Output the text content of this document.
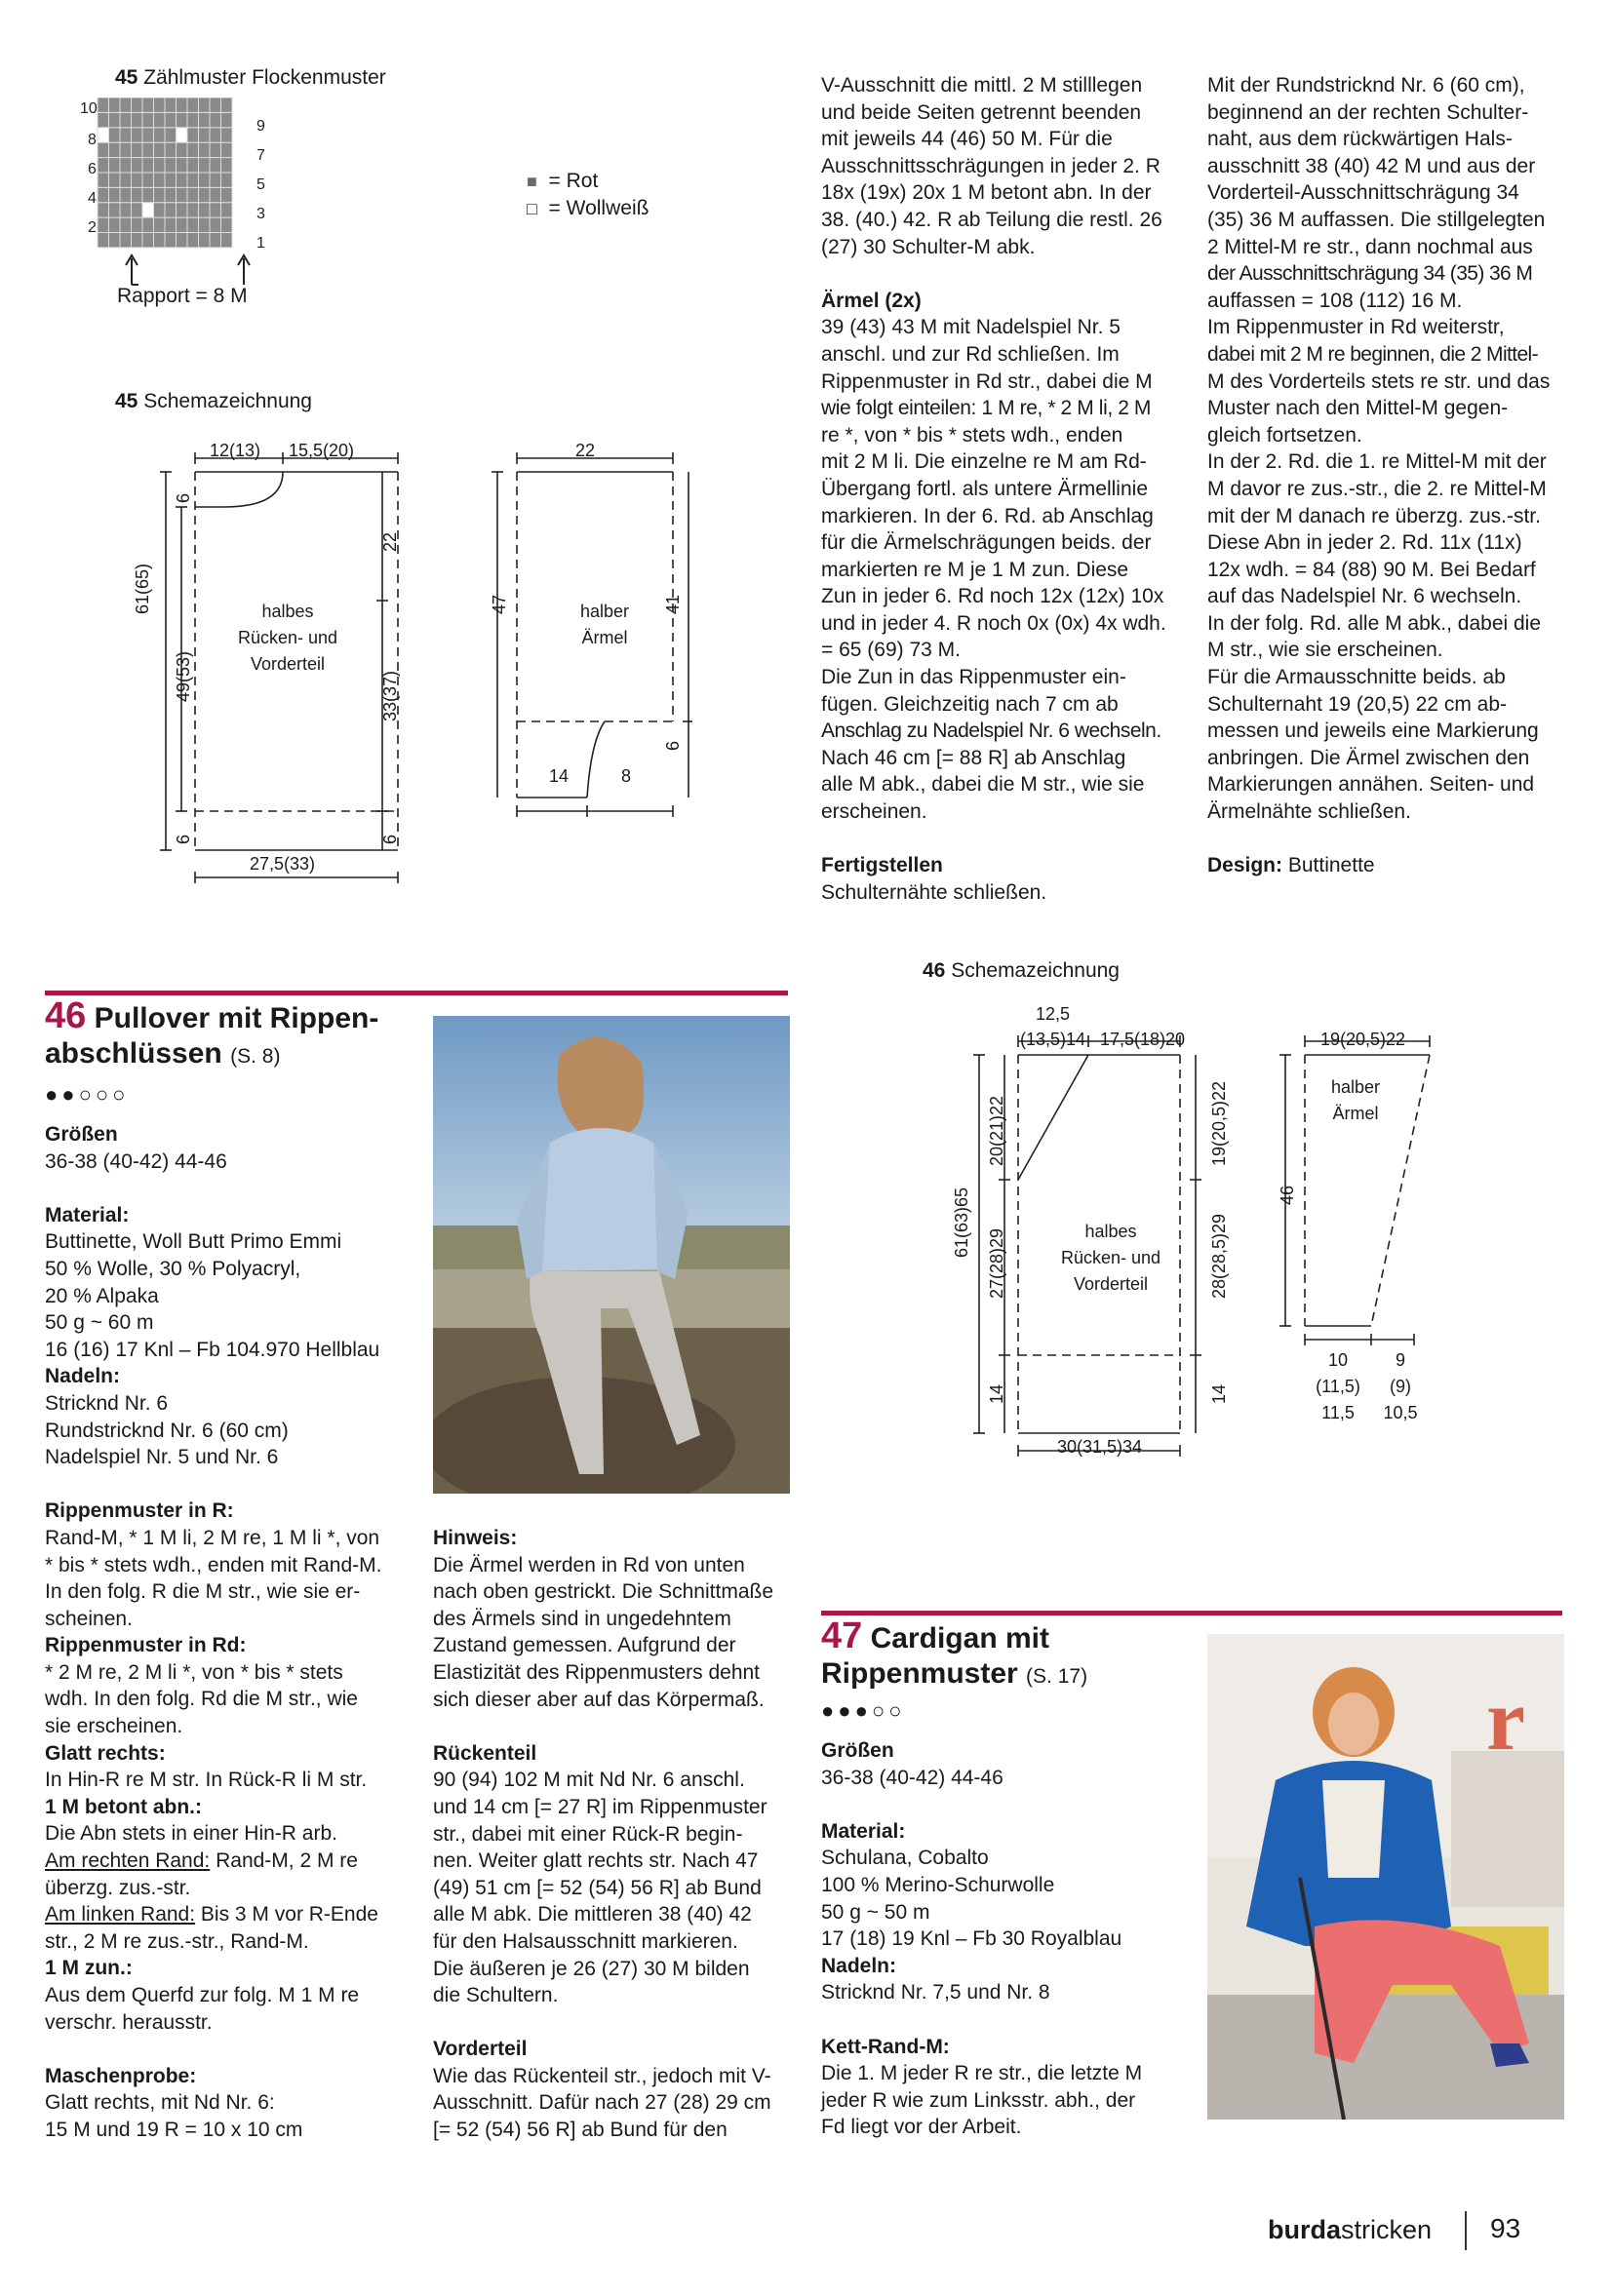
45 Zählmuster Flockenmuster
10
8
6
4
2
9
7
5
3
1
Rapport = 8 M
■ = Rot
□ = Wollweiß
45 Schemazeichnung
12(13) 15,5(20)
61(65)
49(53)
6
22
33(37)
6	6
27,5(33)
halbes
Rücken- und
Vorderteil
22
47	41
6
14	8
halber
Ärmel

V-Ausschnitt die mittl. 2 M stilllegen

und beide Seiten getrennt beenden

mit jeweils 44 (46) 50 M. Für die

Ausschnittsschrägungen in jeder 2. R

18x (19x) 20x 1 M betont abn. In der

38. (40.) 42. R ab Teilung die restl. 26

(27) 30 Schulter-M abk.

Ärmel (2x)

39 (43) 43 M mit Nadelspiel Nr. 5

anschl. und zur Rd schließen. Im

Rippenmuster in Rd str., dabei die M

wie folgt einteilen: 1 M re, * 2 M li, 2 M

re *, von * bis * stets wdh., enden

mit 2 M li. Die einzelne re M am Rd-

Übergang fortl. als untere Ärmellinie

markieren. In der 6. Rd. ab Anschlag

für die Ärmelschrägungen beids. der

markierten re M je 1 M zun. Diese

Zun in jeder 6. Rd noch 12x (12x) 10x

und in jeder 4. R noch 0x (0x) 4x wdh.

= 65 (69) 73 M.

Die Zun in das Rippenmuster ein-

fügen. Gleichzeitig nach 7 cm ab

Anschlag zu Nadelspiel Nr. 6 wechseln.

Nach 46 cm [= 88 R] ab Anschlag

alle M abk., dabei die M str., wie sie

erscheinen.

Fertigstellen

Schulternähte schließen.

Mit der Rundstricknd Nr. 6 (60 cm),

beginnend an der rechten Schulter-

naht, aus dem rückwärtigen Hals-

ausschnitt 38 (40) 42 M und aus der

Vorderteil-Ausschnittschrägung 34

(35) 36 M auffassen. Die stillgelegten

2 Mittel-M re str., dann nochmal aus

der Ausschnittschrägung 34 (35) 36 M

auffassen = 108 (112) 16 M.

Im Rippenmuster in Rd weiterstr,

dabei mit 2 M re beginnen, die 2 Mittel-

M des Vorderteils stets re str. und das

Muster nach den Mittel-M gegen-

gleich fortsetzen.

In der 2. Rd. die 1. re Mittel-M mit der

M davor re zus.-str., die 2. re Mittel-M

mit der M danach re überzg. zus.-str.

Diese Abn in jeder 2. Rd. 11x (11x)

12x wdh. = 84 (88) 90 M. Bei Bedarf

auf das Nadelspiel Nr. 6 wechseln.

In der folg. Rd. alle M abk., dabei die

M str., wie sie erscheinen.

Für die Armausschnitte beids. ab

Schulternaht 19 (20,5) 22 cm ab-

messen und jeweils eine Markierung

anbringen. Die Ärmel zwischen den

Markierungen annähen. Seiten- und

Ärmelnähte schließen.

Design: Buttinette

46 Pullover mit Rippen-
abschlüssen (S. 8)
●●○○○

Größen

36-38 (40-42) 44-46

Material:

Buttinette, Woll Butt Primo Emmi

50 % Wolle, 30 % Polyacryl,

20 % Alpaka

50 g ~ 60 m

16 (16) 17 Knl – Fb 104.970 Hellblau

Nadeln:

Stricknd Nr. 6

Rundstricknd Nr. 6 (60 cm)

Nadelspiel Nr. 5 und Nr. 6

Rippenmuster in R:

Rand-M, * 1 M li, 2 M re, 1 M li *, von

* bis * stets wdh., enden mit Rand-M.

In den folg. R die M str., wie sie er-

scheinen.

Rippenmuster in Rd:

* 2 M re, 2 M li *, von * bis * stets

wdh. In den folg. Rd die M str., wie

sie erscheinen.

Glatt rechts:

In Hin-R re M str. In Rück-R li M str.

1 M betont abn.:

Die Abn stets in einer Hin-R arb.

Am rechten Rand: Rand-M, 2 M re

überzg. zus.-str.

Am linken Rand: Bis 3 M vor R-Ende

str., 2 M re zus.-str., Rand-M.

1 M zun.:

Aus dem Querfd zur folg. M 1 M re

verschr. herausstr.

Maschenprobe:

Glatt rechts, mit Nd Nr. 6:

15 M und 19 R = 10 x 10 cm

Hinweis:

Die Ärmel werden in Rd von unten

nach oben gestrickt. Die Schnittmaße

des Ärmels sind in ungedehntem

Zustand gemessen. Aufgrund der

Elastizität des Rippenmusters dehnt

sich dieser aber auf das Körpermaß.

Rückenteil

90 (94) 102 M mit Nd Nr. 6 anschl.

und 14 cm [= 27 R] im Rippenmuster

str., dabei mit einer Rück-R begin-

nen. Weiter glatt rechts str. Nach 47

(49) 51 cm [= 52 (54) 56 R] ab Bund

alle M abk. Die mittleren 38 (40) 42

für den Halsausschnitt markieren.

Die äußeren je 26 (27) 30 M bilden

die Schultern.

Vorderteil

Wie das Rückenteil str., jedoch mit V-

Ausschnitt. Dafür nach 27 (28) 29 cm

[= 52 (54) 56 R] ab Bund für den

46 Schemazeichnung
12,5
(13,5)14 17,5(18)20
61(63)65
20(21)22
27(28)29
14
19(20,5)22
28(28,5)29
14
30(31,5)34
halbes
Rücken- und
Vorderteil
19(20,5)22
46
halber
Ärmel
10
(11,5)
11,5
9
(9)
10,5
47 Cardigan mit
Rippenmuster (S. 17)
●●●○○

Größen

36-38 (40-42) 44-46

Material:

Schulana, Cobalto

100 % Merino-Schurwolle

50 g ~ 50 m

17 (18) 19 Knl – Fb 30 Royalblau

Nadeln:

Stricknd Nr. 7,5 und Nr. 8

Kett-Rand-M:

Die 1. M jeder R re str., die letzte M

jeder R wie zum Linksstr. abh., der

Fd liegt vor der Arbeit.

r
burdastricken 93
